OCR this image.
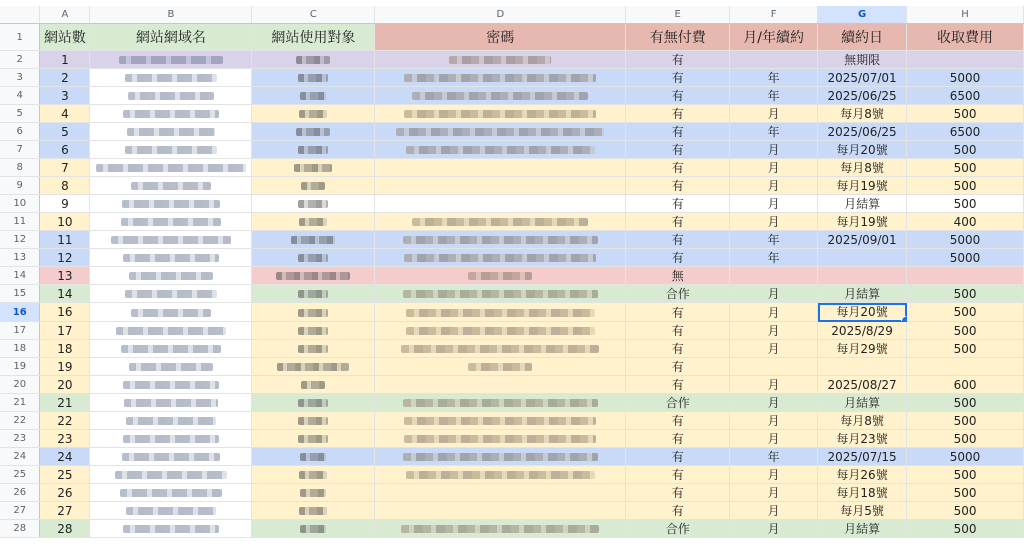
	A	B	C	D	E	F	G	H
1	網站數	網站網域名	網站使用對象	密碼	有無付費	月/年續約	續約日	收取費用
2	1				有		無期限	
3	2				有	年	2025/07/01	5000
4	3				有	年	2025/06/25	6500
5	4				有	月	每月8號	500
6	5				有	年	2025/06/25	6500
7	6				有	月	每月20號	500
8	7				有	月	每月8號	500
9	8				有	月	每月19號	500
10	9				有	月	月結算	500
11	10				有	月	每月19號	400
12	11				有	年	2025/09/01	5000
13	12				有	年		5000
14	13				無			
15	14				合作	月	月結算	500
16	16				有	月	每月20號	500
17	17				有	月	2025/8/29	500
18	18				有	月	每月29號	500
19	19				有			
20	20				有	月	2025/08/27	600
21	21				合作	月	月結算	500
22	22				有	月	每月8號	500
23	23				有	月	每月23號	500
24	24				有	年	2025/07/15	5000
25	25				有	月	每月26號	500
26	26				有	月	每月18號	500
27	27				有	月	每月5號	500
28	28				合作	月	月結算	500
